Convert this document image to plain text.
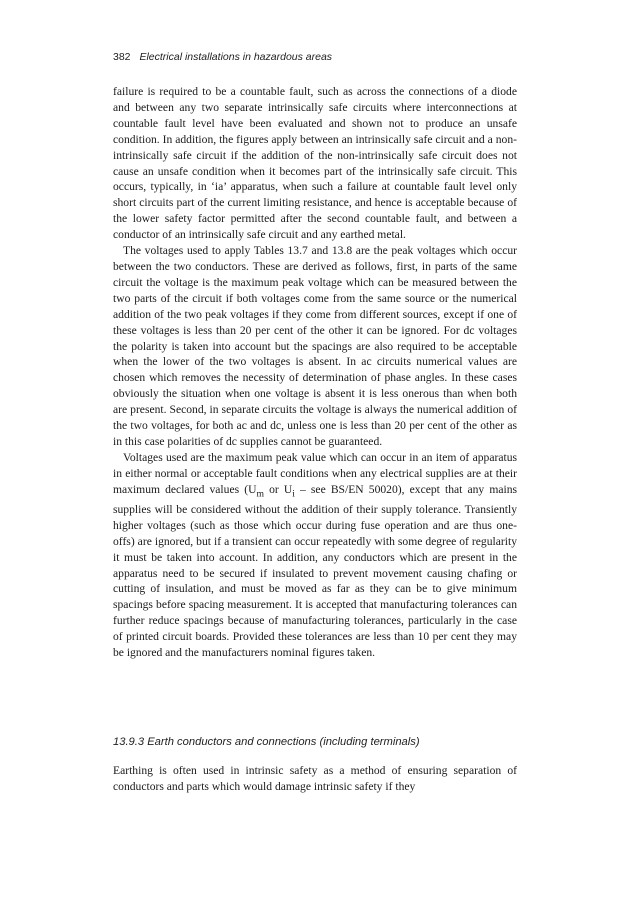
382 Electrical installations in hazardous areas

failure is required to be a countable fault, such as across the connections of a diode and between any two separate intrinsically safe circuits where interconnections at countable fault level have been evaluated and shown not to produce an unsafe condition. In addition, the figures apply between an intrinsically safe circuit and a non-intrinsically safe circuit if the addition of the non-intrinsically safe circuit does not cause an unsafe condition when it becomes part of the intrinsically safe circuit. This occurs, typically, in ‘ia’ apparatus, when such a failure at countable fault level only short circuits part of the current limiting resistance, and hence is acceptable because of the lower safety factor permitted after the second countable fault, and between a conductor of an intrinsically safe circuit and any earthed metal.

The voltages used to apply Tables 13.7 and 13.8 are the peak voltages which occur between the two conductors. These are derived as follows, first, in parts of the same circuit the voltage is the maximum peak voltage which can be measured between the two parts of the circuit if both voltages come from the same source or the numerical addition of the two peak voltages if they come from different sources, except if one of these voltages is less than 20 per cent of the other it can be ignored. For dc voltages the polarity is taken into account but the spacings are also required to be acceptable when the lower of the two voltages is absent. In ac circuits numerical values are chosen which removes the necessity of determination of phase angles. In these cases obviously the situation when one voltage is absent it is less onerous than when both are present. Second, in separate circuits the voltage is always the numerical addition of the two voltages, for both ac and dc, unless one is less than 20 per cent of the other as in this case polarities of dc supplies cannot be guaranteed.

Voltages used are the maximum peak value which can occur in an item of apparatus in either normal or acceptable fault conditions when any electrical supplies are at their maximum declared values ($U_m$ or $U_i$ – see BS/EN 50020), except that any mains supplies will be considered without the addition of their supply tolerance. Transiently higher voltages (such as those which occur during fuse operation and are thus one-offs) are ignored, but if a transient can occur repeatedly with some degree of regularity it must be taken into account. In addition, any conductors which are present in the apparatus need to be secured if insulated to prevent movement causing chafing or cutting of insulation, and must be moved as far as they can be to give minimum spacings before spacing measurement. It is accepted that manufacturing tolerances can further reduce spacings because of manufacturing tolerances, particularly in the case of printed circuit boards. Provided these tolerances are less than 10 per cent they may be ignored and the manufacturers nominal figures taken.

13.9.3 Earth conductors and connections (including terminals)

Earthing is often used in intrinsic safety as a method of ensuring separation of conductors and parts which would damage intrinsic safety if they
